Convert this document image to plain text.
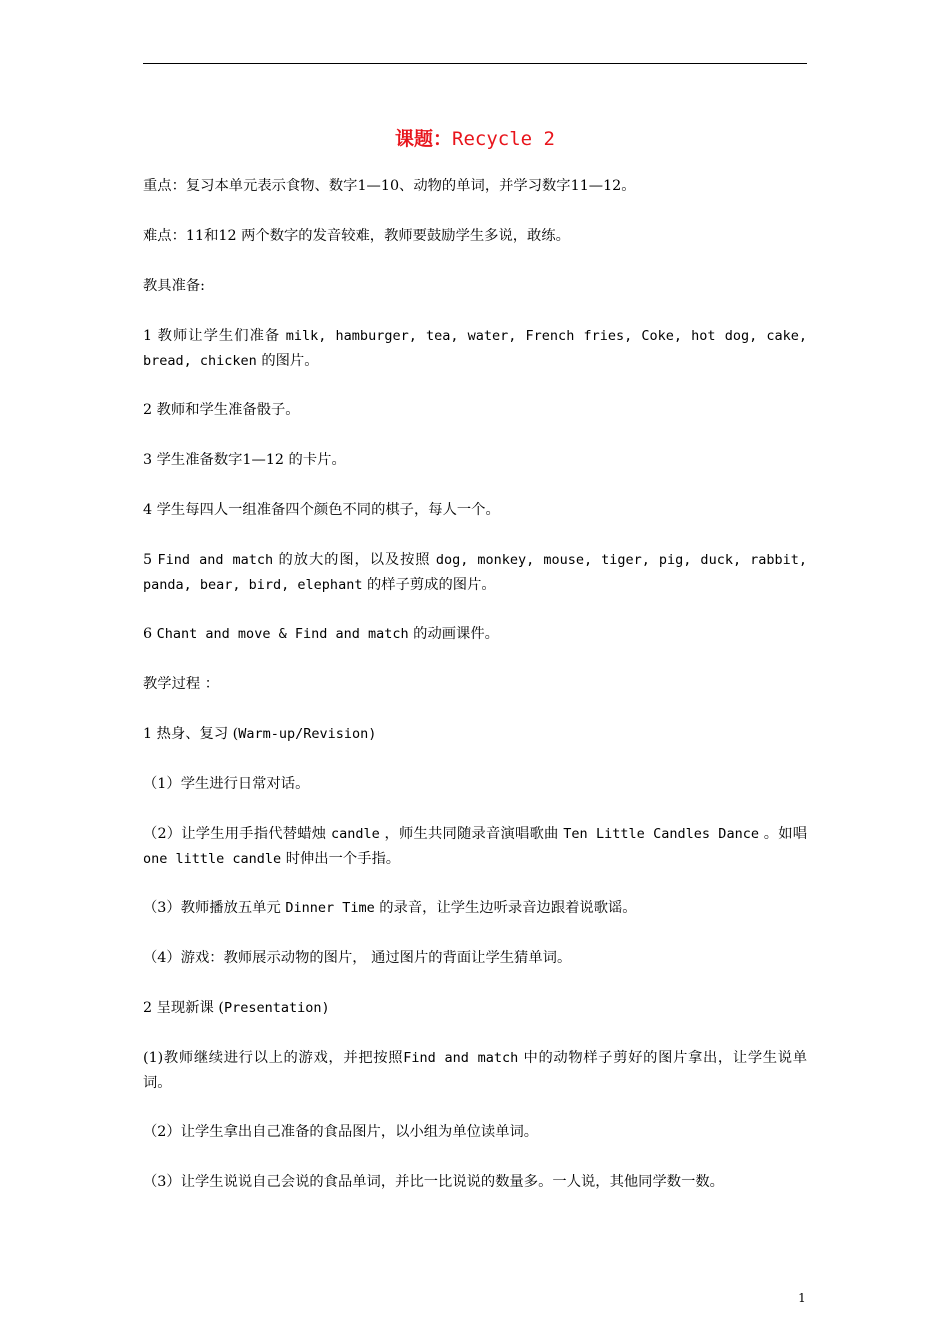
课题：Recycle 2

重点：复习本单元表示食物、数字1—10、动物的单词，并学习数字11—12。

难点：11和12 两个数字的发音较难，教师要鼓励学生多说，敢练。

教具准备:

1 教师让学生们准备 milk, hamburger, tea, water, French fries, Coke, hot dog, cake, bread, chicken 的图片。

2 教师和学生准备骰子。

3 学生准备数字1—12 的卡片。

4 学生每四人一组准备四个颜色不同的棋子，每人一个。

5 Find and match 的放大的图，以及按照 dog, monkey, mouse, tiger, pig, duck, rabbit, panda, bear, bird, elephant 的样子剪成的图片。

6 Chant and move & Find and match 的动画课件。

教学过程 ：

1 热身、复习 (Warm-up/Revision)

（1）学生进行日常对话。

（2）让学生用手指代替蜡烛 candle ，师生共同随录音演唱歌曲 Ten Little Candles Dance 。如唱 one little candle 时伸出一个手指。

（3）教师播放五单元 Dinner Time 的录音，让学生边听录音边跟着说歌谣。

（4）游戏：教师展示动物的图片， 通过图片的背面让学生猜单词。

2 呈现新课 (Presentation)

(1)教师继续进行以上的游戏，并把按照Find and match 中的动物样子剪好的图片拿出，让学生说单词。

（2）让学生拿出自己准备的食品图片，以小组为单位读单词。

（3）让学生说说自己会说的食品单词，并比一比说说的数量多。一人说，其他同学数一数。

1
